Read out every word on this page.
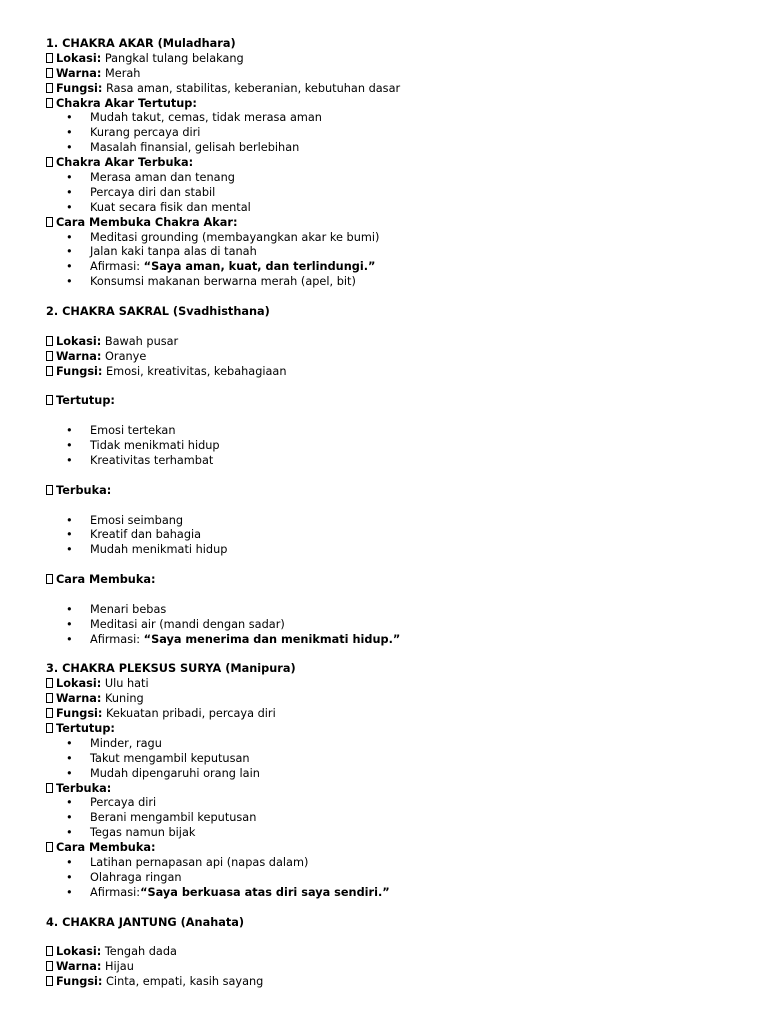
1. CHAKRA AKAR (Muladhara)
Lokasi: Pangkal tulang belakang
Warna: Merah
Fungsi: Rasa aman, stabilitas, keberanian, kebutuhan dasar
Chakra Akar Tertutup:
• Mudah takut, cemas, tidak merasa aman
• Kurang percaya diri
• Masalah finansial, gelisah berlebihan
Chakra Akar Terbuka:
• Merasa aman dan tenang
• Percaya diri dan stabil
• Kuat secara fisik dan mental
Cara Membuka Chakra Akar:
• Meditasi grounding (membayangkan akar ke bumi)
• Jalan kaki tanpa alas di tanah
• Afirmasi: “Saya aman, kuat, dan terlindungi.”
• Konsumsi makanan berwarna merah (apel, bit)
2. CHAKRA SAKRAL (Svadhisthana)
Lokasi: Bawah pusar
Warna: Oranye
Fungsi: Emosi, kreativitas, kebahagiaan
Tertutup:
• Emosi tertekan
• Tidak menikmati hidup
• Kreativitas terhambat
Terbuka:
• Emosi seimbang
• Kreatif dan bahagia
• Mudah menikmati hidup
Cara Membuka:
• Menari bebas
• Meditasi air (mandi dengan sadar)
• Afirmasi: “Saya menerima dan menikmati hidup.”
3. CHAKRA PLEKSUS SURYA (Manipura)
Lokasi: Ulu hati
Warna: Kuning
Fungsi: Kekuatan pribadi, percaya diri
Tertutup:
• Minder, ragu
• Takut mengambil keputusan
• Mudah dipengaruhi orang lain
Terbuka:
• Percaya diri
• Berani mengambil keputusan
• Tegas namun bijak
Cara Membuka:
• Latihan pernapasan api (napas dalam)
• Olahraga ringan
• Afirmasi:“Saya berkuasa atas diri saya sendiri.”
4. CHAKRA JANTUNG (Anahata)
Lokasi: Tengah dada
Warna: Hijau
Fungsi: Cinta, empati, kasih sayang
